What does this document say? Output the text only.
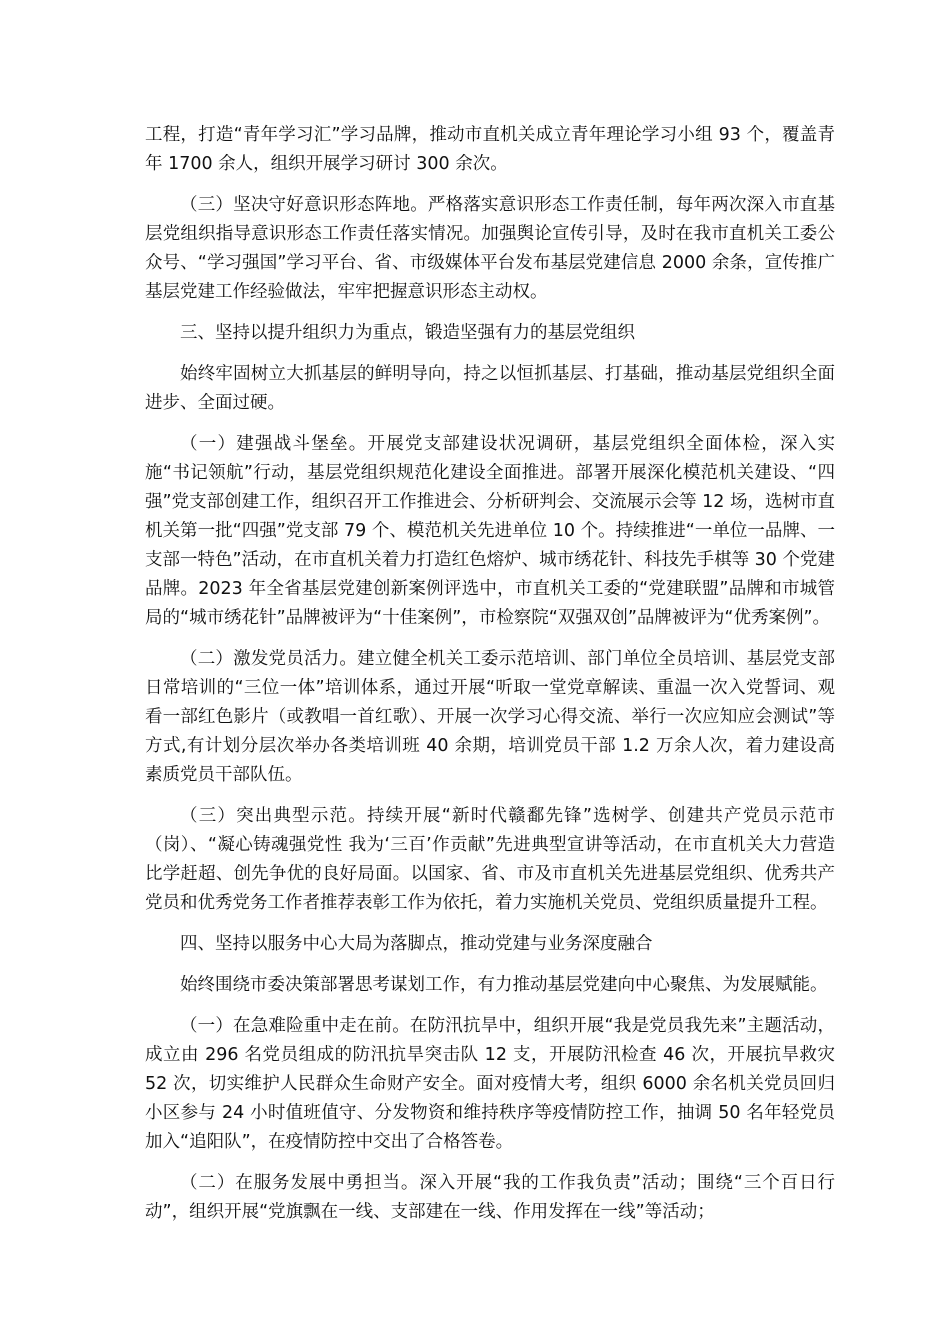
工程，打造“青年学习汇”学习品牌，推动市直机关成立青年理论学习小组 93 个，覆盖青年 1700 余人，组织开展学习研讨 300 余次。

（三）坚决守好意识形态阵地。严格落实意识形态工作责任制，每年两次深入市直基层党组织指导意识形态工作责任落实情况。加强舆论宣传引导，及时在我市直机关工委公众号、“学习强国”学习平台、省、市级媒体平台发布基层党建信息 2000 余条，宣传推广基层党建工作经验做法，牢牢把握意识形态主动权。

三、坚持以提升组织力为重点，锻造坚强有力的基层党组织

始终牢固树立大抓基层的鲜明导向，持之以恒抓基层、打基础，推动基层党组织全面进步、全面过硬。

（一）建强战斗堡垒。开展党支部建设状况调研，基层党组织全面体检，深入实施“书记领航”行动，基层党组织规范化建设全面推进。部署开展深化模范机关建设、“四强”党支部创建工作，组织召开工作推进会、分析研判会、交流展示会等 12 场，选树市直机关第一批“四强”党支部 79 个、模范机关先进单位 10 个。持续推进“一单位一品牌、一支部一特色”活动，在市直机关着力打造红色熔炉、城市绣花针、科技先手棋等 30 个党建品牌。2023 年全省基层党建创新案例评选中，市直机关工委的“党建联盟”品牌和市城管局的“城市绣花针”品牌被评为“十佳案例”，市检察院“双强双创”品牌被评为“优秀案例”。

（二）激发党员活力。建立健全机关工委示范培训、部门单位全员培训、基层党支部日常培训的“三位一体”培训体系，通过开展“听取一堂党章解读、重温一次入党誓词、观看一部红色影片（或教唱一首红歌）、开展一次学习心得交流、举行一次应知应会测试”等方式,有计划分层次举办各类培训班 40 余期，培训党员干部 1.2 万余人次，着力建设高素质党员干部队伍。

（三）突出典型示范。持续开展“新时代赣鄱先锋”选树学、创建共产党员示范市（岗）、“凝心铸魂强党性 我为‘三百’作贡献”先进典型宣讲等活动，在市直机关大力营造比学赶超、创先争优的良好局面。以国家、省、市及市直机关先进基层党组织、优秀共产党员和优秀党务工作者推荐表彰工作为依托，着力实施机关党员、党组织质量提升工程。

四、坚持以服务中心大局为落脚点，推动党建与业务深度融合

始终围绕市委决策部署思考谋划工作，有力推动基层党建向中心聚焦、为发展赋能。

（一）在急难险重中走在前。在防汛抗旱中，组织开展“我是党员我先来”主题活动，成立由 296 名党员组成的防汛抗旱突击队 12 支，开展防汛检查 46 次，开展抗旱救灾 52 次，切实维护人民群众生命财产安全。面对疫情大考，组织 6000 余名机关党员回归小区参与 24 小时值班值守、分发物资和维持秩序等疫情防控工作，抽调 50 名年轻党员加入“追阳队”，在疫情防控中交出了合格答卷。

（二）在服务发展中勇担当。深入开展“我的工作我负责”活动；围绕“三个百日行动”，组织开展“党旗飘在一线、支部建在一线、作用发挥在一线”等活动；
